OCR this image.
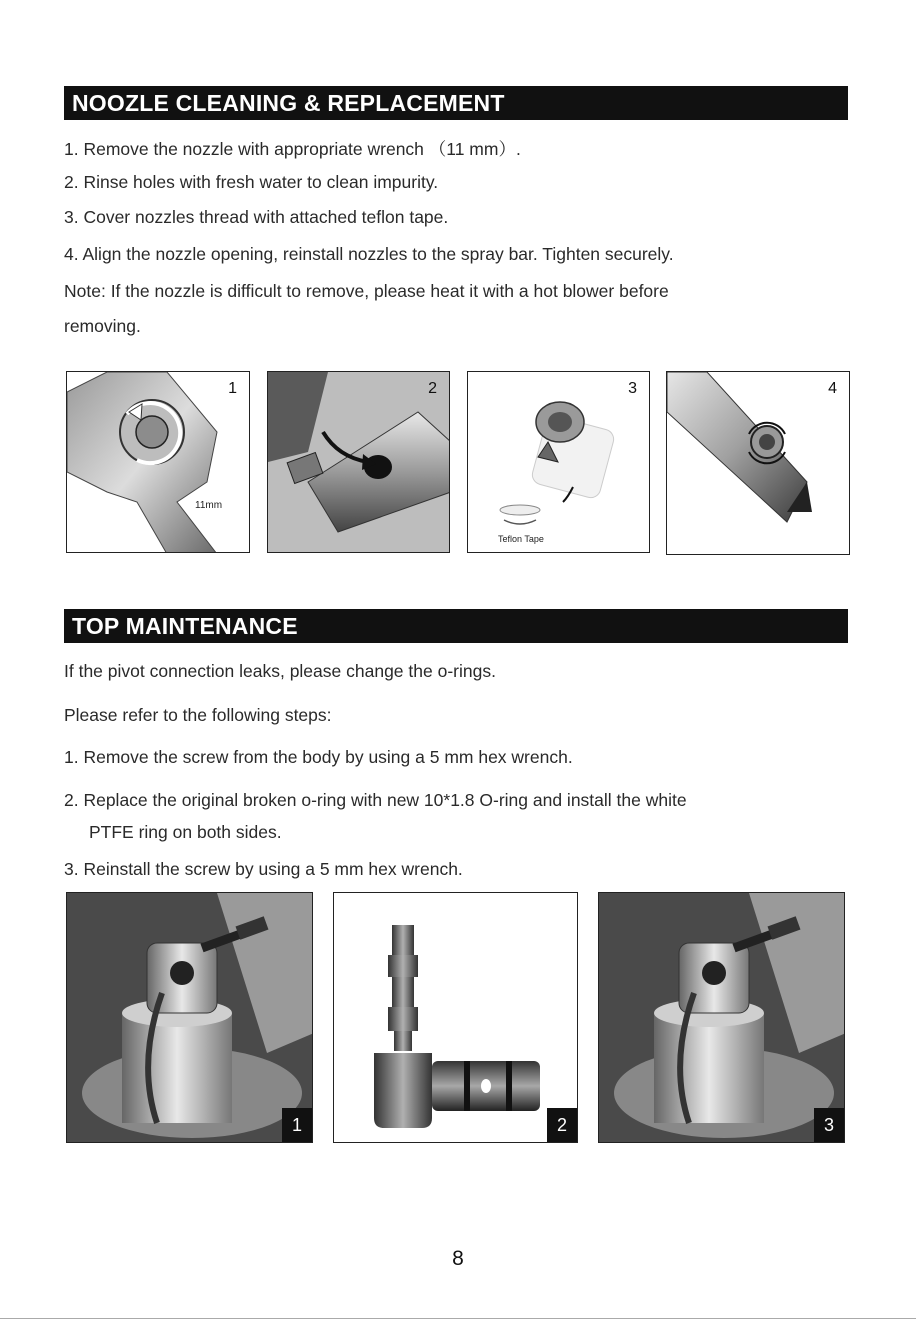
NOOZLE CLEANING & REPLACEMENT
1. Remove the nozzle with appropriate wrench （11 mm）.
2. Rinse holes with fresh water to clean impurity.
3. Cover nozzles thread with attached teflon tape.
4. Align the nozzle opening, reinstall nozzles to the spray bar. Tighten securely.
Note: If the nozzle is difficult to remove, please heat it with a hot blower before
removing.
1
11mm
2	3
Teflon Tape
4
TOP MAINTENANCE
If the pivot connection leaks, please change the o-rings.
Please refer to the following steps:
1. Remove the screw from the body by using a 5 mm hex wrench.
2. Replace the original broken o-ring with new 10*1.8 O-ring and install the white
PTFE ring on both sides.
3. Reinstall the screw by using a 5 mm hex wrench.
1	2	3
8
